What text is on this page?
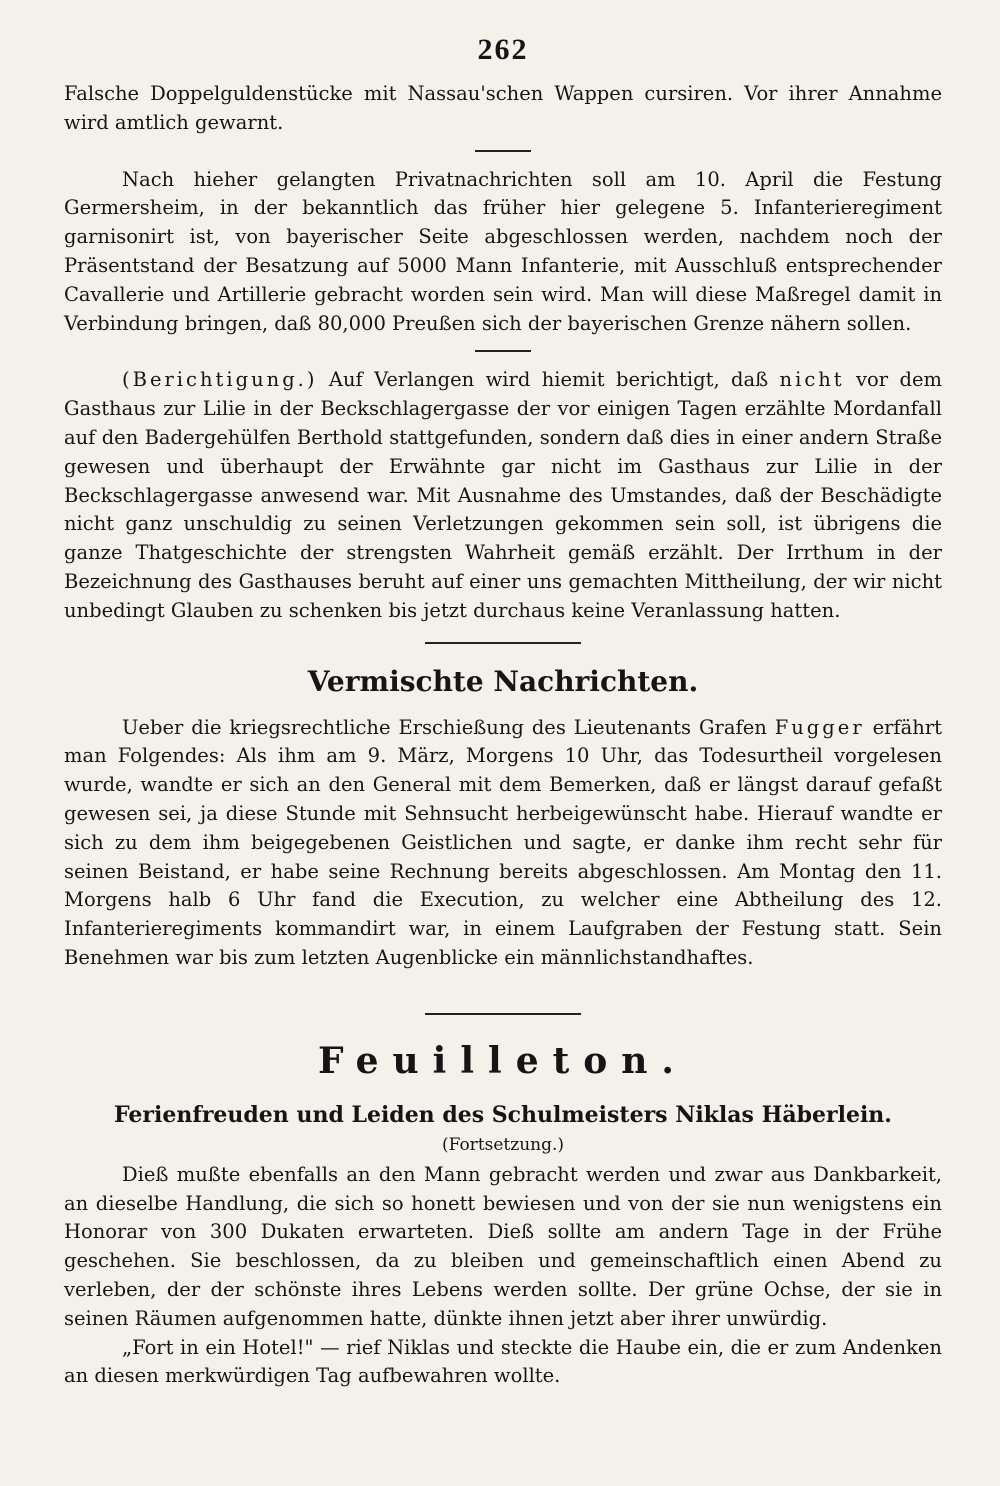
262

Falsche Doppelguldenstücke mit Nassau'schen Wappen cursiren. Vor ihrer Annahme wird amtlich gewarnt.

Nach hieher gelangten Privatnachrichten soll am 10. April die Festung Germersheim, in der bekanntlich das früher hier gelegene 5. Infanterieregiment garnisonirt ist, von bayerischer Seite abgeschlossen werden, nachdem noch der Präsentstand der Besatzung auf 5000 Mann Infanterie, mit Ausschluß entsprechender Cavallerie und Artillerie gebracht worden sein wird. Man will diese Maßregel damit in Verbindung bringen, daß 80,000 Preußen sich der bayerischen Grenze nähern sollen.

(Berichtigung.) Auf Verlangen wird hiemit berichtigt, daß nicht vor dem Gasthaus zur Lilie in der Beckschlagergasse der vor einigen Tagen erzählte Mordanfall auf den Badergehülfen Berthold stattgefunden, sondern daß dies in einer andern Straße gewesen und überhaupt der Erwähnte gar nicht im Gasthaus zur Lilie in der Beckschlagergasse anwesend war. Mit Ausnahme des Umstandes, daß der Beschädigte nicht ganz unschuldig zu seinen Verletzungen gekommen sein soll, ist übrigens die ganze Thatgeschichte der strengsten Wahrheit gemäß erzählt. Der Irrthum in der Bezeichnung des Gasthauses beruht auf einer uns gemachten Mittheilung, der wir nicht unbedingt Glauben zu schenken bis jetzt durchaus keine Veranlassung hatten.

Vermischte Nachrichten.

Ueber die kriegsrechtliche Erschießung des Lieutenants Grafen Fugger erfährt man Folgendes: Als ihm am 9. März, Morgens 10 Uhr, das Todesurtheil vorgelesen wurde, wandte er sich an den General mit dem Bemerken, daß er längst darauf gefaßt gewesen sei, ja diese Stunde mit Sehnsucht herbeigewünscht habe. Hierauf wandte er sich zu dem ihm beigegebenen Geistlichen und sagte, er danke ihm recht sehr für seinen Beistand, er habe seine Rechnung bereits abgeschlossen. Am Montag den 11. Morgens halb 6 Uhr fand die Execution, zu welcher eine Abtheilung des 12. Infanterieregiments kommandirt war, in einem Laufgraben der Festung statt. Sein Benehmen war bis zum letzten Augenblicke ein männlichstandhaftes.

Feuilleton.
Ferienfreuden und Leiden des Schulmeisters Niklas Häberlein.
(Fortsetzung.)

Dieß mußte ebenfalls an den Mann gebracht werden und zwar aus Dankbarkeit, an dieselbe Handlung, die sich so honett bewiesen und von der sie nun wenigstens ein Honorar von 300 Dukaten erwarteten. Dieß sollte am andern Tage in der Frühe geschehen. Sie beschlossen, da zu bleiben und gemeinschaftlich einen Abend zu verleben, der der schönste ihres Lebens werden sollte. Der grüne Ochse, der sie in seinen Räumen aufgenommen hatte, dünkte ihnen jetzt aber ihrer unwürdig.

„Fort in ein Hotel!" — rief Niklas und steckte die Haube ein, die er zum Andenken an diesen merkwürdigen Tag aufbewahren wollte.
